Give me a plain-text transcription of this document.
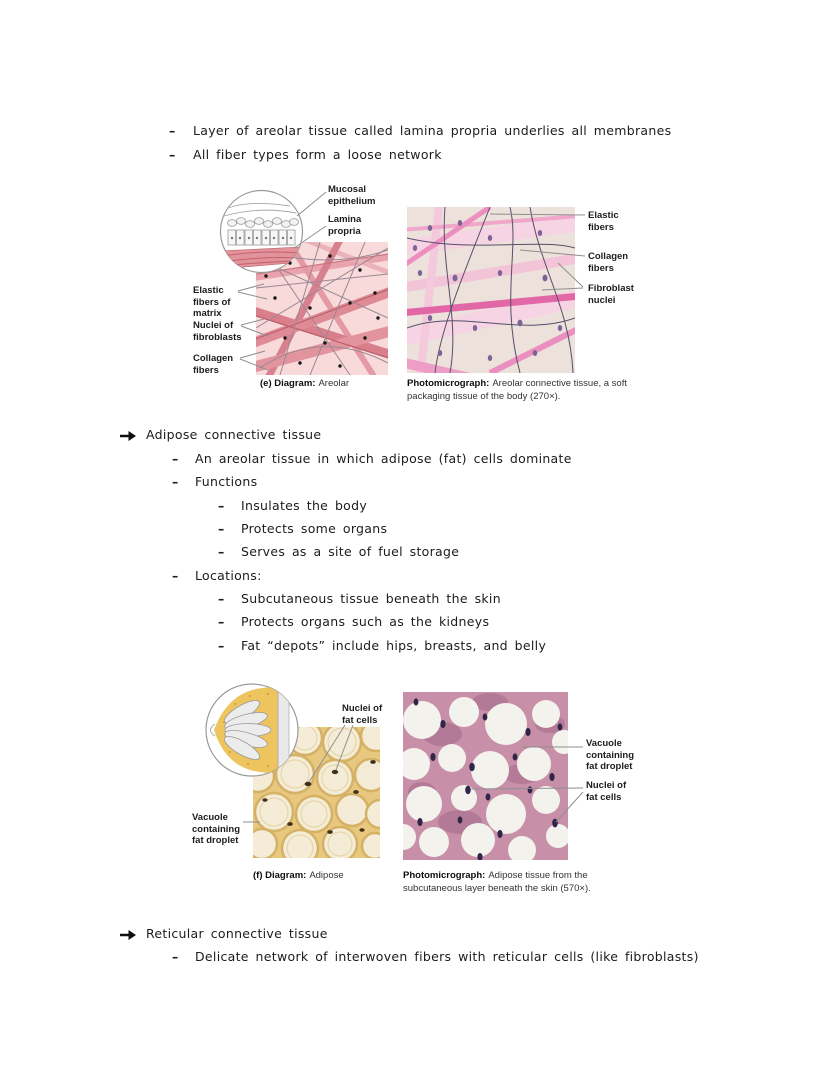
–	Layer of areolar tissue called lamina propria underlies all membranes
–	All fiber types form a loose network
Mucosal epithelium
Lamina propria
Elastic fibers of matrix
Nuclei of fibroblasts
Collagen fibers
Elastic fibers
Collagen fibers
Fibroblast nuclei
(e) Diagram: Areolar	Photomicrograph: Areolar connective tissue, a soft packaging tissue of the body (270×).
Adipose connective tissue
–	An areolar tissue in which adipose (fat) cells dominate
–	Functions
–	Insulates the body
–	Protects some organs
–	Serves as a site of fuel storage
–	Locations:
–	Subcutaneous tissue beneath the skin
–	Protects organs such as the kidneys
–	Fat “depots” include hips, breasts, and belly
Nuclei of fat cells
Vacuole containing fat droplet
Vacuole containing fat droplet
Nuclei of fat cells
(f) Diagram: Adipose	Photomicrograph: Adipose tissue from the subcutaneous layer beneath the skin (570×).
Reticular connective tissue
–	Delicate network of interwoven fibers with reticular cells (like fibroblasts)
